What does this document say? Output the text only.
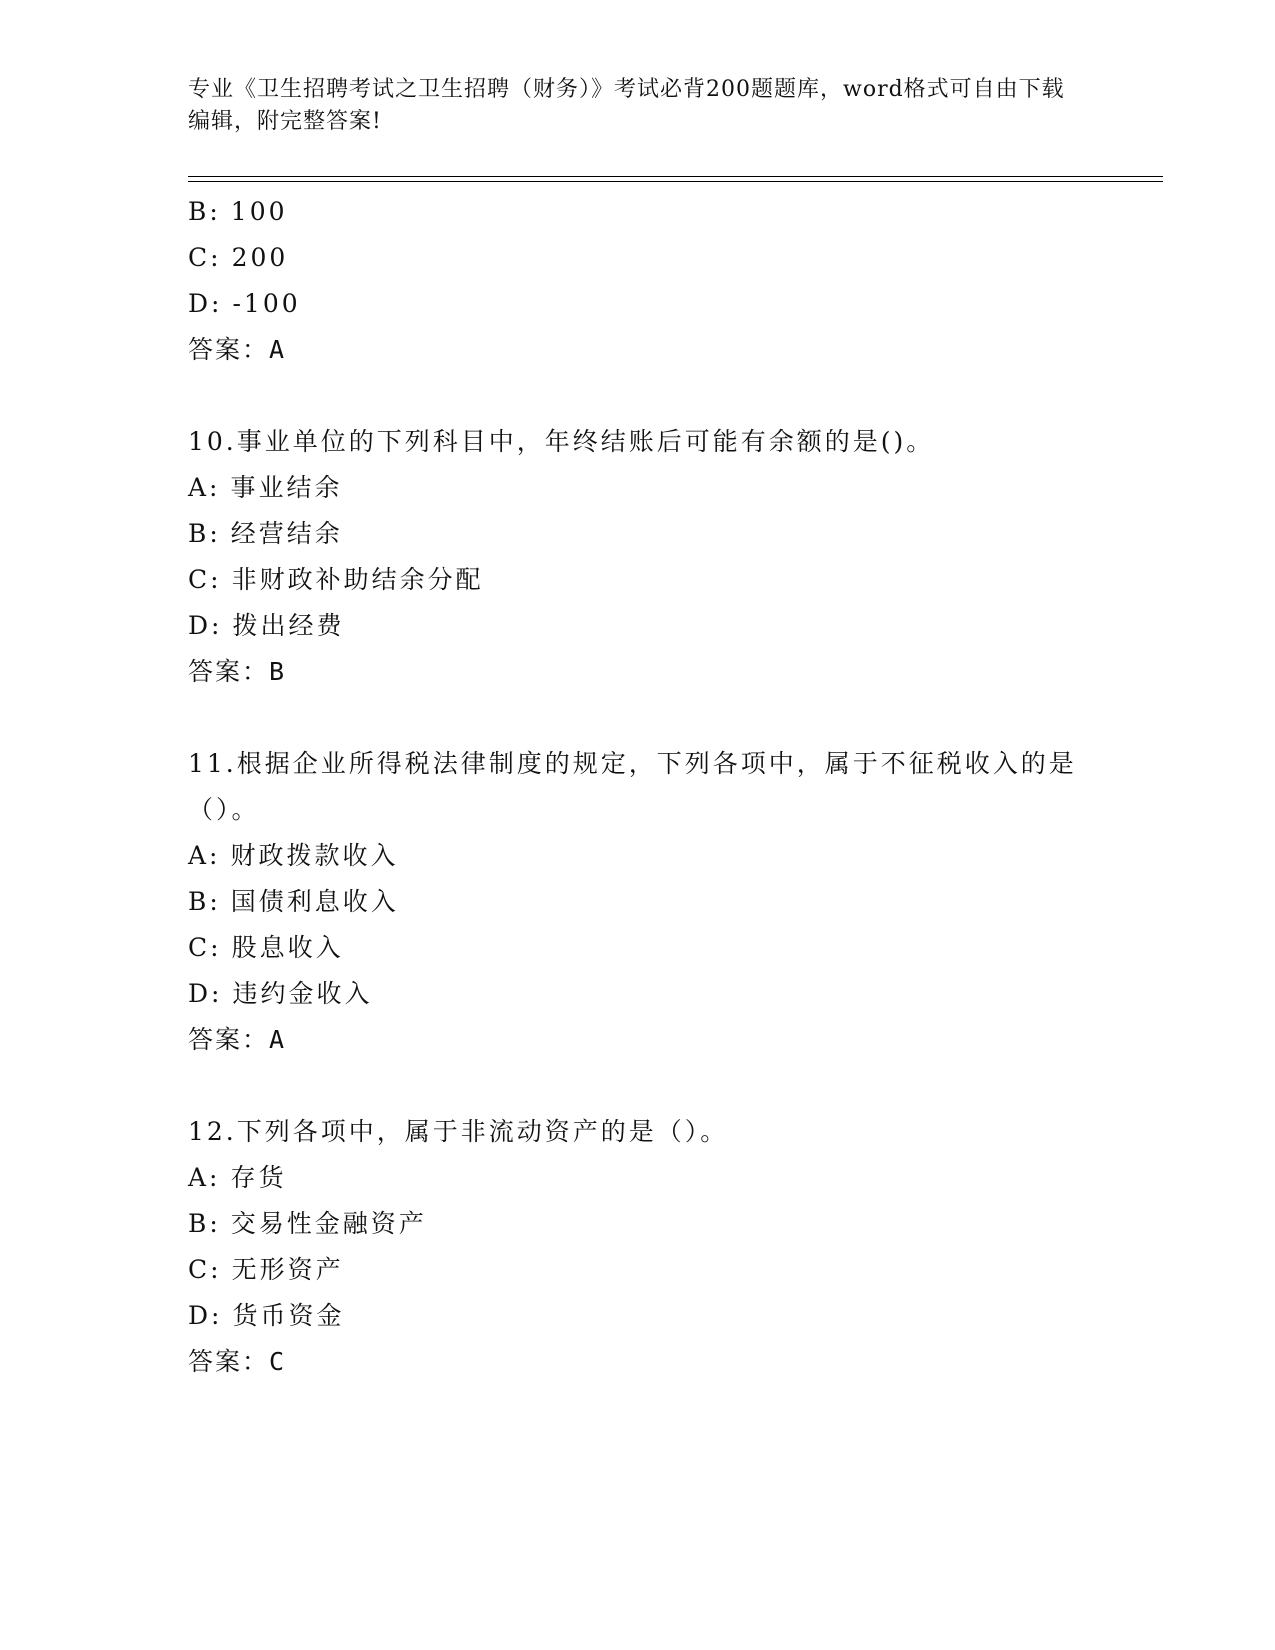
专业《卫生招聘考试之卫生招聘（财务）》考试必背200题题库，word格式可自由下载编辑，附完整答案!
B: 100
C: 200
D: -100
答案：A
10.事业单位的下列科目中，年终结账后可能有余额的是()。
A: 事业结余
B: 经营结余
C: 非财政补助结余分配
D: 拨出经费
答案：B
11.根据企业所得税法律制度的规定，下列各项中，属于不征税收入的是（）。
A: 财政拨款收入
B: 国债利息收入
C: 股息收入
D: 违约金收入
答案：A
12.下列各项中，属于非流动资产的是（）。
A: 存货
B: 交易性金融资产
C: 无形资产
D: 货币资金
答案：C
